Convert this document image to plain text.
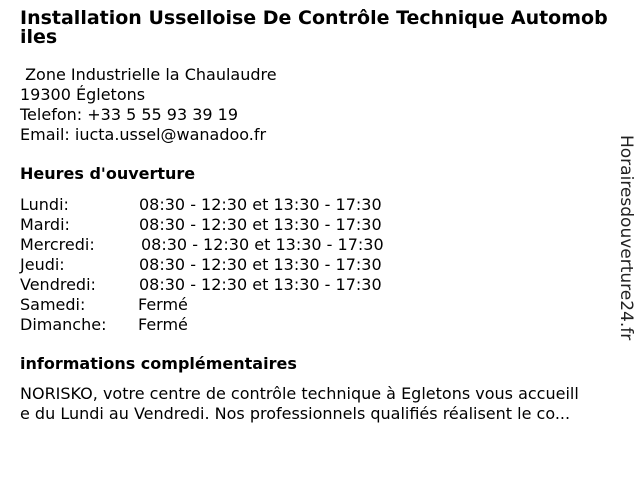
Installation Usselloise De Contrôle Technique Automobiles
Zone Industrielle la Chaulaudre
19300 Égletons
Telefon: +33 5 55 93 39 19
Email: iucta.ussel@wanadoo.fr
Heures d'ouverture
Lundi:	08:30 - 12:30 et 13:30 - 17:30
Mardi:	08:30 - 12:30 et 13:30 - 17:30
Mercredi:	08:30 - 12:30 et 13:30 - 17:30
Jeudi:	08:30 - 12:30 et 13:30 - 17:30
Vendredi:	08:30 - 12:30 et 13:30 - 17:30
Samedi:	Fermé
Dimanche: Fermé
informations complémentaires
NORISKO, votre centre de contrôle technique à Egletons vous accueill
e du Lundi au Vendredi. Nos professionnels qualifiés réalisent le co...
Horairesdouverture24.fr
